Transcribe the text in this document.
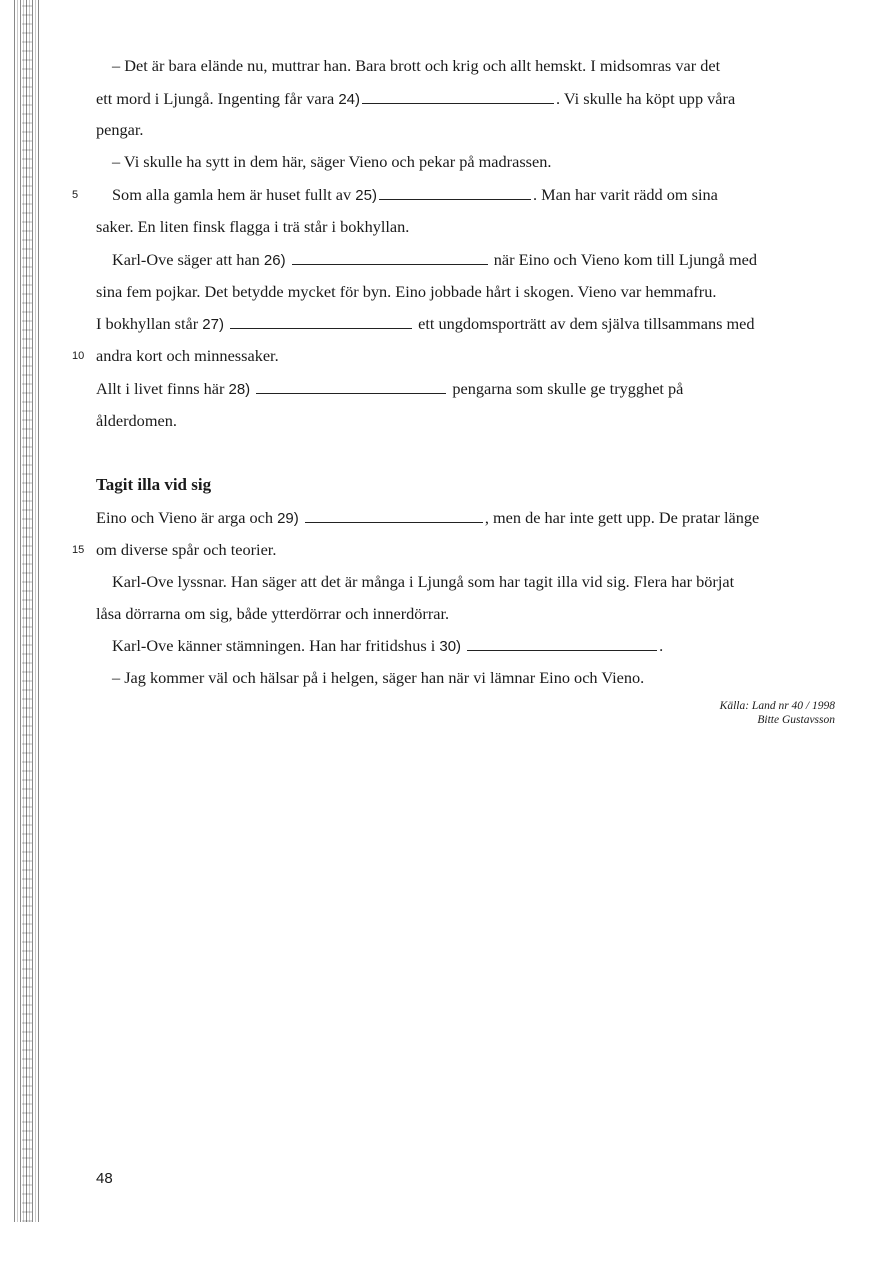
– Det är bara elände nu, muttrar han. Bara brott och krig och allt hemskt. I midsomras var det
ett mord i Ljungå. Ingenting får vara 24)	. Vi skulle ha köpt upp våra
pengar.
– Vi skulle ha sytt in dem här, säger Vieno och pekar på madrassen.
5 Som alla gamla hem är huset fullt av 25)	. Man har varit rädd om sina
saker. En liten finsk flagga i trä står i bokhyllan.
Karl-Ove säger att han 26)	när Eino och Vieno kom till Ljungå med
sina fem pojkar. Det betydde mycket för byn. Eino jobbade hårt i skogen. Vieno var hemmafru.
I bokhyllan står 27)	ett ungdomsporträtt av dem själva tillsammans med
10 andra kort och minnessaker.
Allt i livet finns här 28)	pengarna som skulle ge trygghet på
ålderdomen.
Tagit illa vid sig
Eino och Vieno är arga och 29)	, men de har inte gett upp. De pratar länge
15 om diverse spår och teorier.
Karl-Ove lyssnar. Han säger att det är många i Ljungå som har tagit illa vid sig. Flera har börjat
låsa dörrarna om sig, både ytterdörrar och innerdörrar.
Karl-Ove känner stämningen. Han har fritidshus i 30)	.
– Jag kommer väl och hälsar på i helgen, säger han när vi lämnar Eino och Vieno.
Källa: Land nr 40 / 1998
Bitte Gustavsson
48
